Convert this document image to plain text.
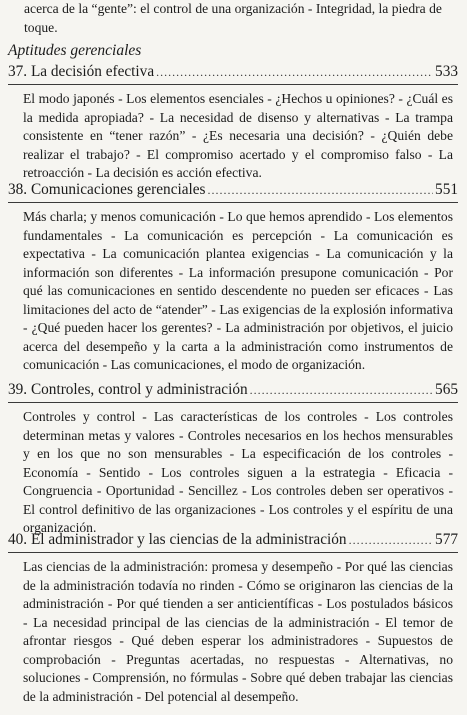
acerca de la “gente”: el control de una organización - Integridad, la piedra de toque.
Aptitudes gerenciales
37. La decisión efectiva .....	533
El modo japonés - Los elementos esenciales - ¿Hechos u opiniones? - ¿Cuál es la medida apropiada? - La necesidad de disenso y alternativas - La trampa consistente en “tener razón” - ¿Es necesaria una decisión? - ¿Quién debe realizar el trabajo? - El compromiso acertado y el compromiso falso - La retroacción - La decisión es acción efectiva.
38. Comunicaciones gerenciales .....	551
Más charla; y menos comunicación - Lo que hemos aprendido - Los elementos fundamentales - La comunicación es percepción - La comunicación es expectativa - La comunicación plantea exigencias - La comunicación y la información son diferentes - La información presupone comunicación - Por qué las comunicaciones en sentido descendente no pueden ser eficaces - Las limitaciones del acto de “atender” - Las exigencias de la explosión informativa - ¿Qué pueden hacer los gerentes? - La administración por objetivos, el juicio acerca del desempeño y la carta a la administración como instrumentos de comunicación - Las comunicaciones, el modo de organización.
39. Controles, control y administración .....	565
Controles y control - Las características de los controles - Los controles determinan metas y valores - Controles necesarios en los hechos mensurables y en los que no son mensurables - La especificación de los controles - Economía - Sentido - Los controles siguen a la estrategia - Eficacia - Congruencia - Oportunidad - Sencillez - Los controles deben ser operativos - El control definitivo de las organizaciones - Los controles y el espíritu de una organización.
40. El administrador y las ciencias de la administración .....	577
Las ciencias de la administración: promesa y desempeño - Por qué las ciencias de la administración todavía no rinden - Cómo se originaron las ciencias de la administración - Por qué tienden a ser anticientíficas - Los postulados básicos - La necesidad principal de las ciencias de la administración - El temor de afrontar riesgos - Qué deben esperar los administradores - Supuestos de comprobación - Preguntas acertadas, no respuestas - Alternativas, no soluciones - Comprensión, no fórmulas - Sobre qué deben trabajar las ciencias de la administración - Del potencial al desempeño.
